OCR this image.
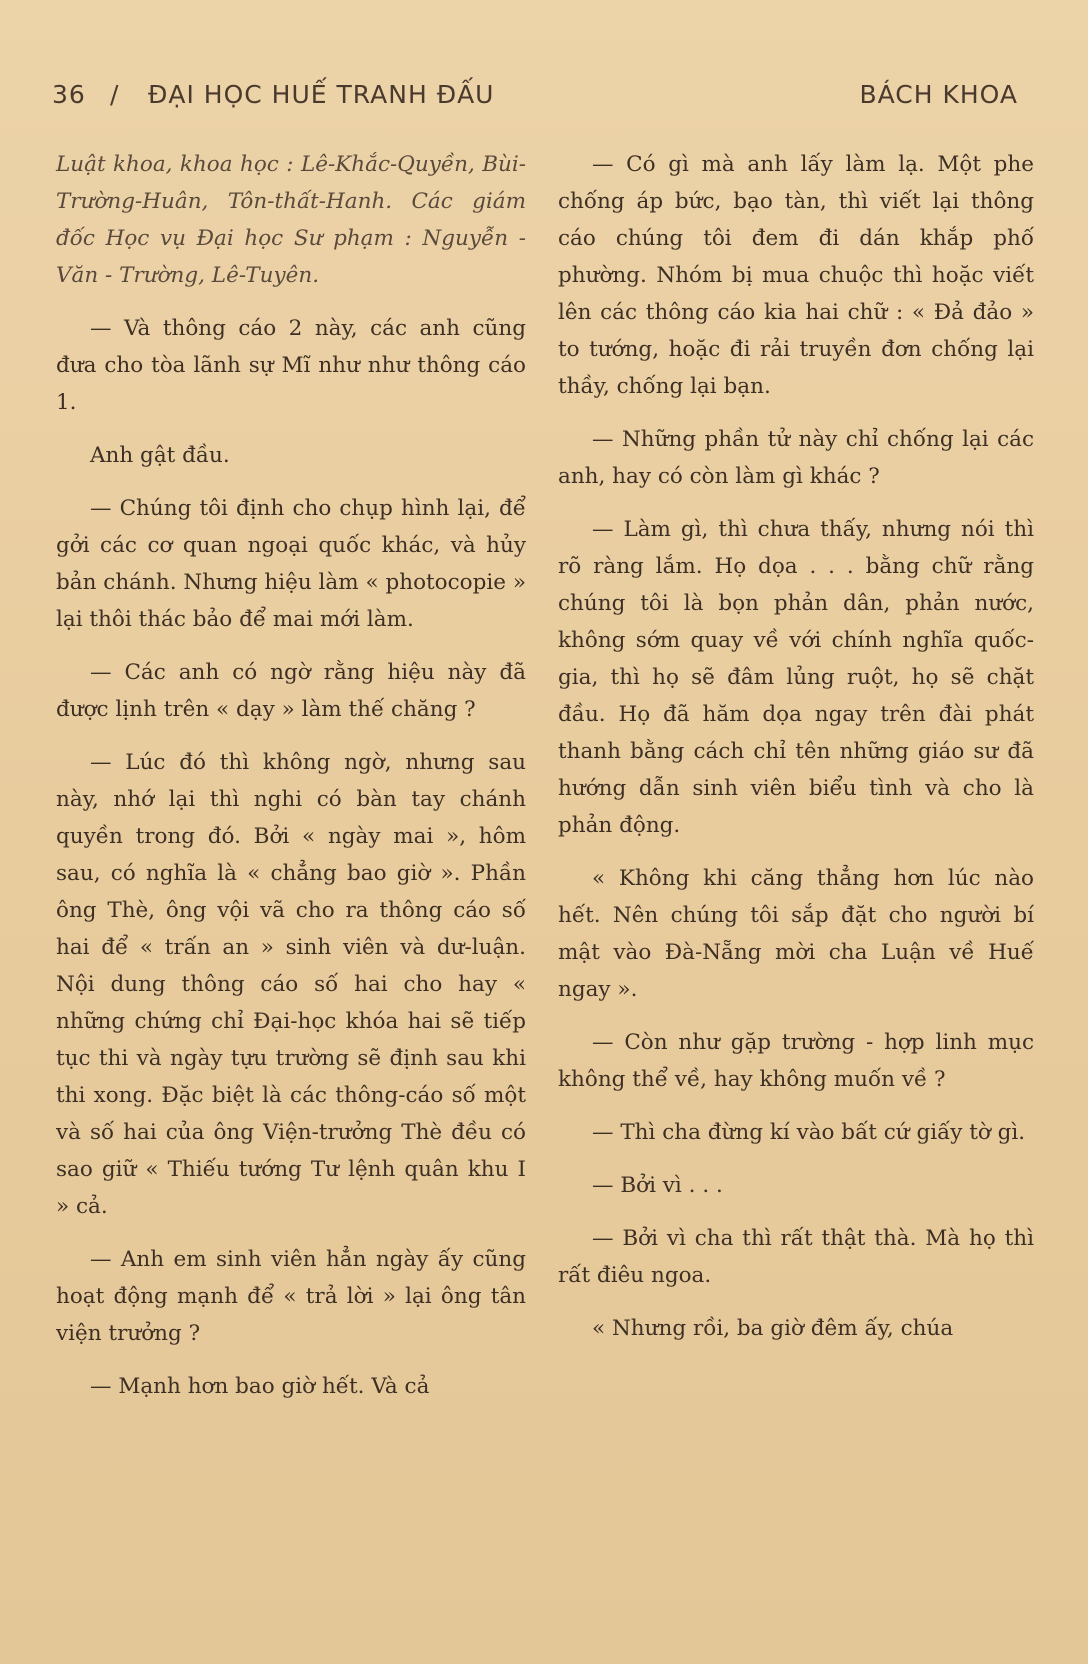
36 / ĐẠI HỌC HUẾ TRANH ĐẤU	BÁCH KHOA

Luật khoa, khoa học : Lê-Khắc-Quyền, Bùi-Trường-Huân, Tôn-thất-Hanh. Các giám đốc Học vụ Đại học Sư phạm : Nguyễn - Văn - Trường, Lê-Tuyên.

— Và thông cáo 2 này, các anh cũng đưa cho tòa lãnh sự Mĩ như như thông cáo 1.

Anh gật đầu.

— Chúng tôi định cho chụp hình lại, để gởi các cơ quan ngoại quốc khác, và hủy bản chánh. Nhưng hiệu làm « photocopie » lại thôi thác bảo để mai mới làm.

— Các anh có ngờ rằng hiệu này đã được lịnh trên « dạy » làm thế chăng ?

— Lúc đó thì không ngờ, nhưng sau này, nhớ lại thì nghi có bàn tay chánh quyền trong đó. Bởi « ngày mai », hôm sau, có nghĩa là « chẳng bao giờ ». Phần ông Thè, ông vội vã cho ra thông cáo số hai để « trấn an » sinh viên và dư-luận. Nội dung thông cáo số hai cho hay « những chứng chỉ Đại-học khóa hai sẽ tiếp tục thi và ngày tựu trường sẽ định sau khi thi xong. Đặc biệt là các thông-cáo số một và số hai của ông Viện-trưởng Thè đều có sao giữ « Thiếu tướng Tư lệnh quân khu I » cả.

— Anh em sinh viên hẳn ngày ấy cũng hoạt động mạnh để « trả lời » lại ông tân viện trưởng ?

— Mạnh hơn bao giờ hết. Và cả

— Có gì mà anh lấy làm lạ. Một phe chống áp bức, bạo tàn, thì viết lại thông cáo chúng tôi đem đi dán khắp phố phường. Nhóm bị mua chuộc thì hoặc viết lên các thông cáo kia hai chữ : « Đả đảo » to tướng, hoặc đi rải truyền đơn chống lại thầy, chống lại bạn.

— Những phần tử này chỉ chống lại các anh, hay có còn làm gì khác ?

— Làm gì, thì chưa thấy, nhưng nói thì rõ ràng lắm. Họ dọa . . . bằng chữ rằng chúng tôi là bọn phản dân, phản nước, không sớm quay về với chính nghĩa quốc-gia, thì họ sẽ đâm lủng ruột, họ sẽ chặt đầu. Họ đã hăm dọa ngay trên đài phát thanh bằng cách chỉ tên những giáo sư đã hướng dẫn sinh viên biểu tình và cho là phản động.

« Không khi căng thẳng hơn lúc nào hết. Nên chúng tôi sắp đặt cho người bí mật vào Đà-Nẵng mời cha Luận về Huế ngay ».

— Còn như gặp trường - hợp linh mục không thể về, hay không muốn về ?

— Thì cha đừng kí vào bất cứ giấy tờ gì.

— Bởi vì . . .

— Bởi vì cha thì rất thật thà. Mà họ thì rất điêu ngoa.

« Nhưng rồi, ba giờ đêm ấy, chúa
